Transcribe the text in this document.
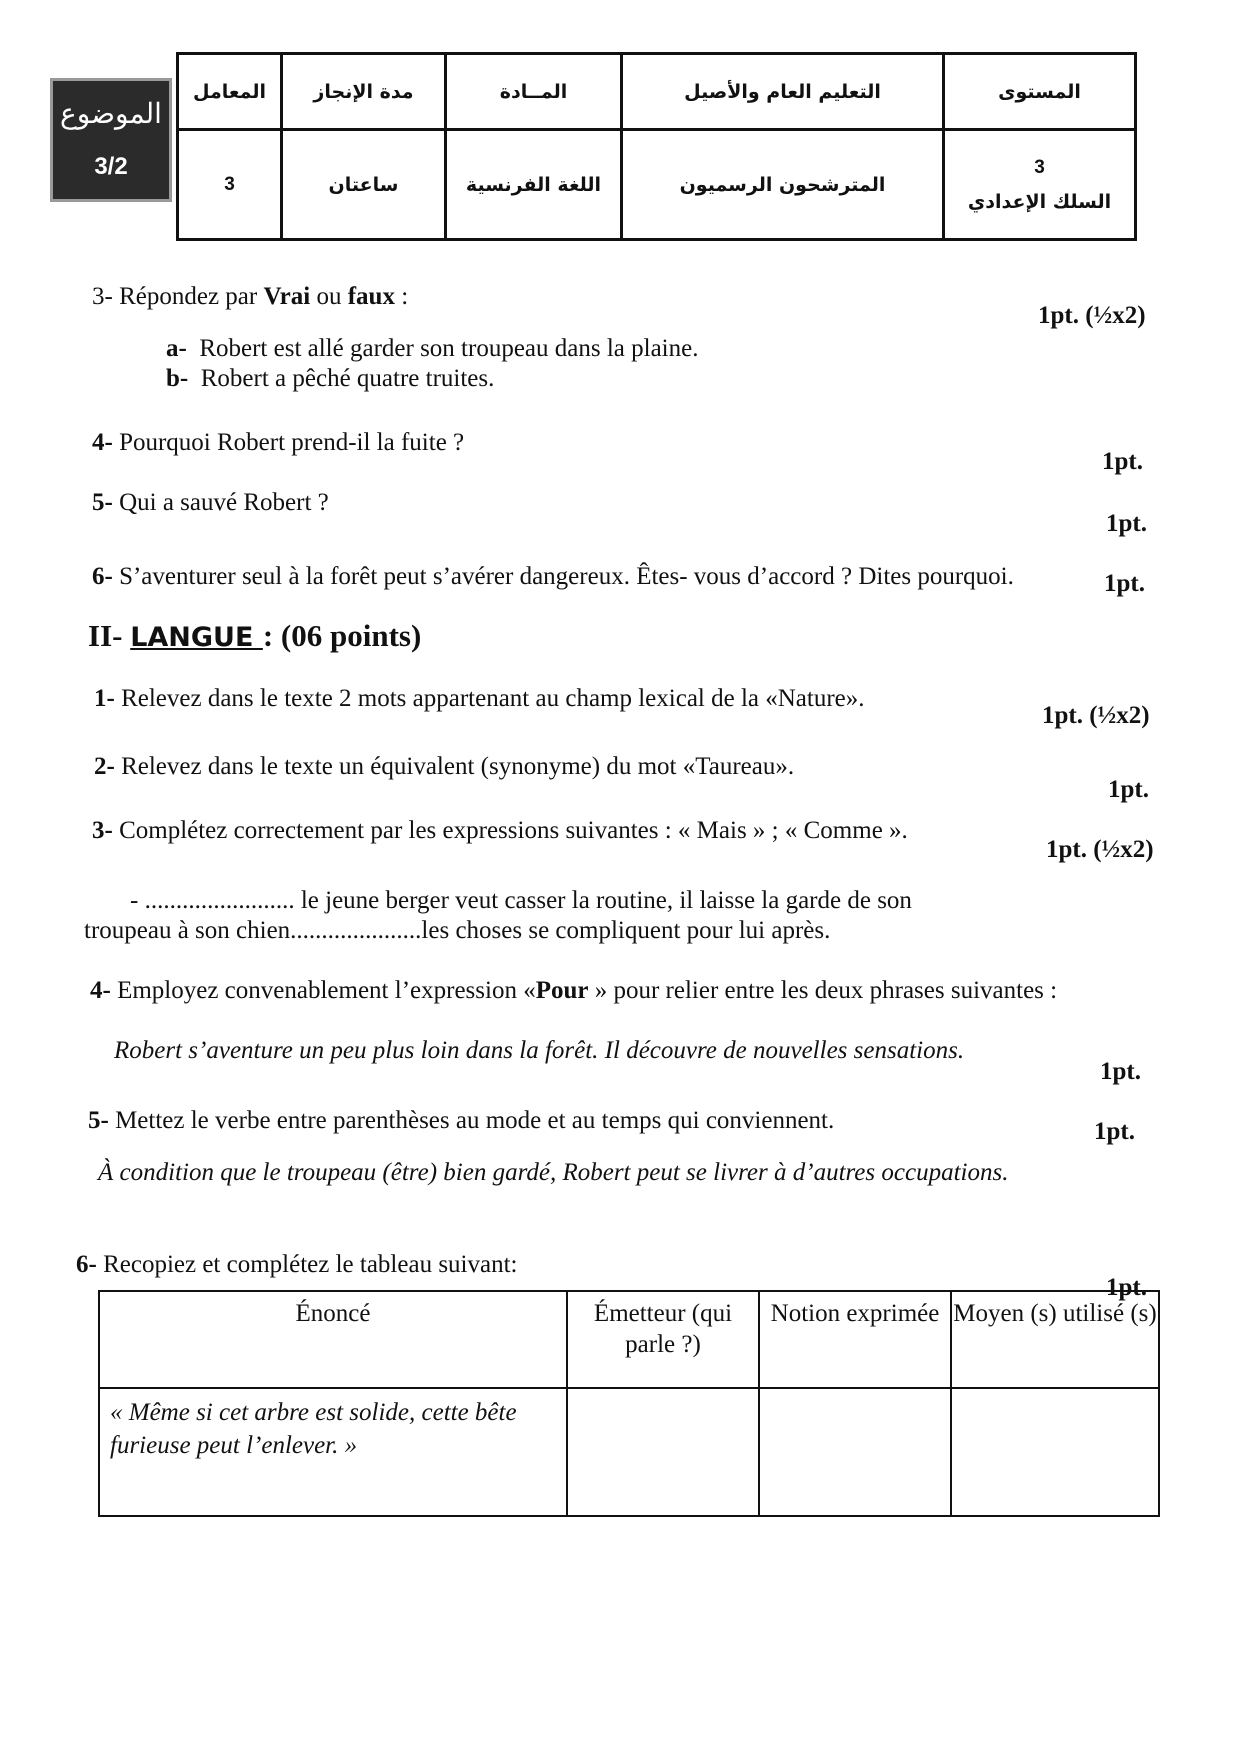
الموضوع
3/2
المعامل	مدة الإنجاز	المــادة	التعليم العام والأصيل	المستوى
3	ساعتان	اللغة الفرنسية	المترشحون الرسميون	3
السلك الإعدادي
3- Répondez par Vrai ou faux :
1pt. (½x2)
a- Robert est allé garder son troupeau dans la plaine.
b- Robert a pêché quatre truites.
4- Pourquoi Robert prend-il la fuite ?
1pt.
5- Qui a sauvé Robert ?
1pt.
6- S’aventurer seul à la forêt peut s’avérer dangereux. Êtes- vous d’accord ? Dites pourquoi.	1pt.
II- LANGUE : (06 points)
1- Relevez dans le texte 2 mots appartenant au champ lexical de la «Nature».
1pt. (½x2)
2- Relevez dans le texte un équivalent (synonyme) du mot «Taureau».
1pt.
3- Complétez correctement par les expressions suivantes : « Mais » ; « Comme ».
1pt. (½x2)
- ........................ le jeune berger veut casser la routine, il laisse la garde de son
troupeau à son chien.....................les choses se compliquent pour lui après.
4- Employez convenablement l’expression «Pour » pour relier entre les deux phrases suivantes :
Robert s’aventure un peu plus loin dans la forêt. Il découvre de nouvelles sensations.
1pt.
5- Mettez le verbe entre parenthèses au mode et au temps qui conviennent.	1pt.
À condition que le troupeau (être) bien gardé, Robert peut se livrer à d’autres occupations.
6- Recopiez et complétez le tableau suivant:
1pt.
Énoncé	Émetteur (qui parle ?)	Notion exprimée	Moyen (s) utilisé (s)
« Même si cet arbre est solide, cette bête furieuse peut l’enlever. »			
